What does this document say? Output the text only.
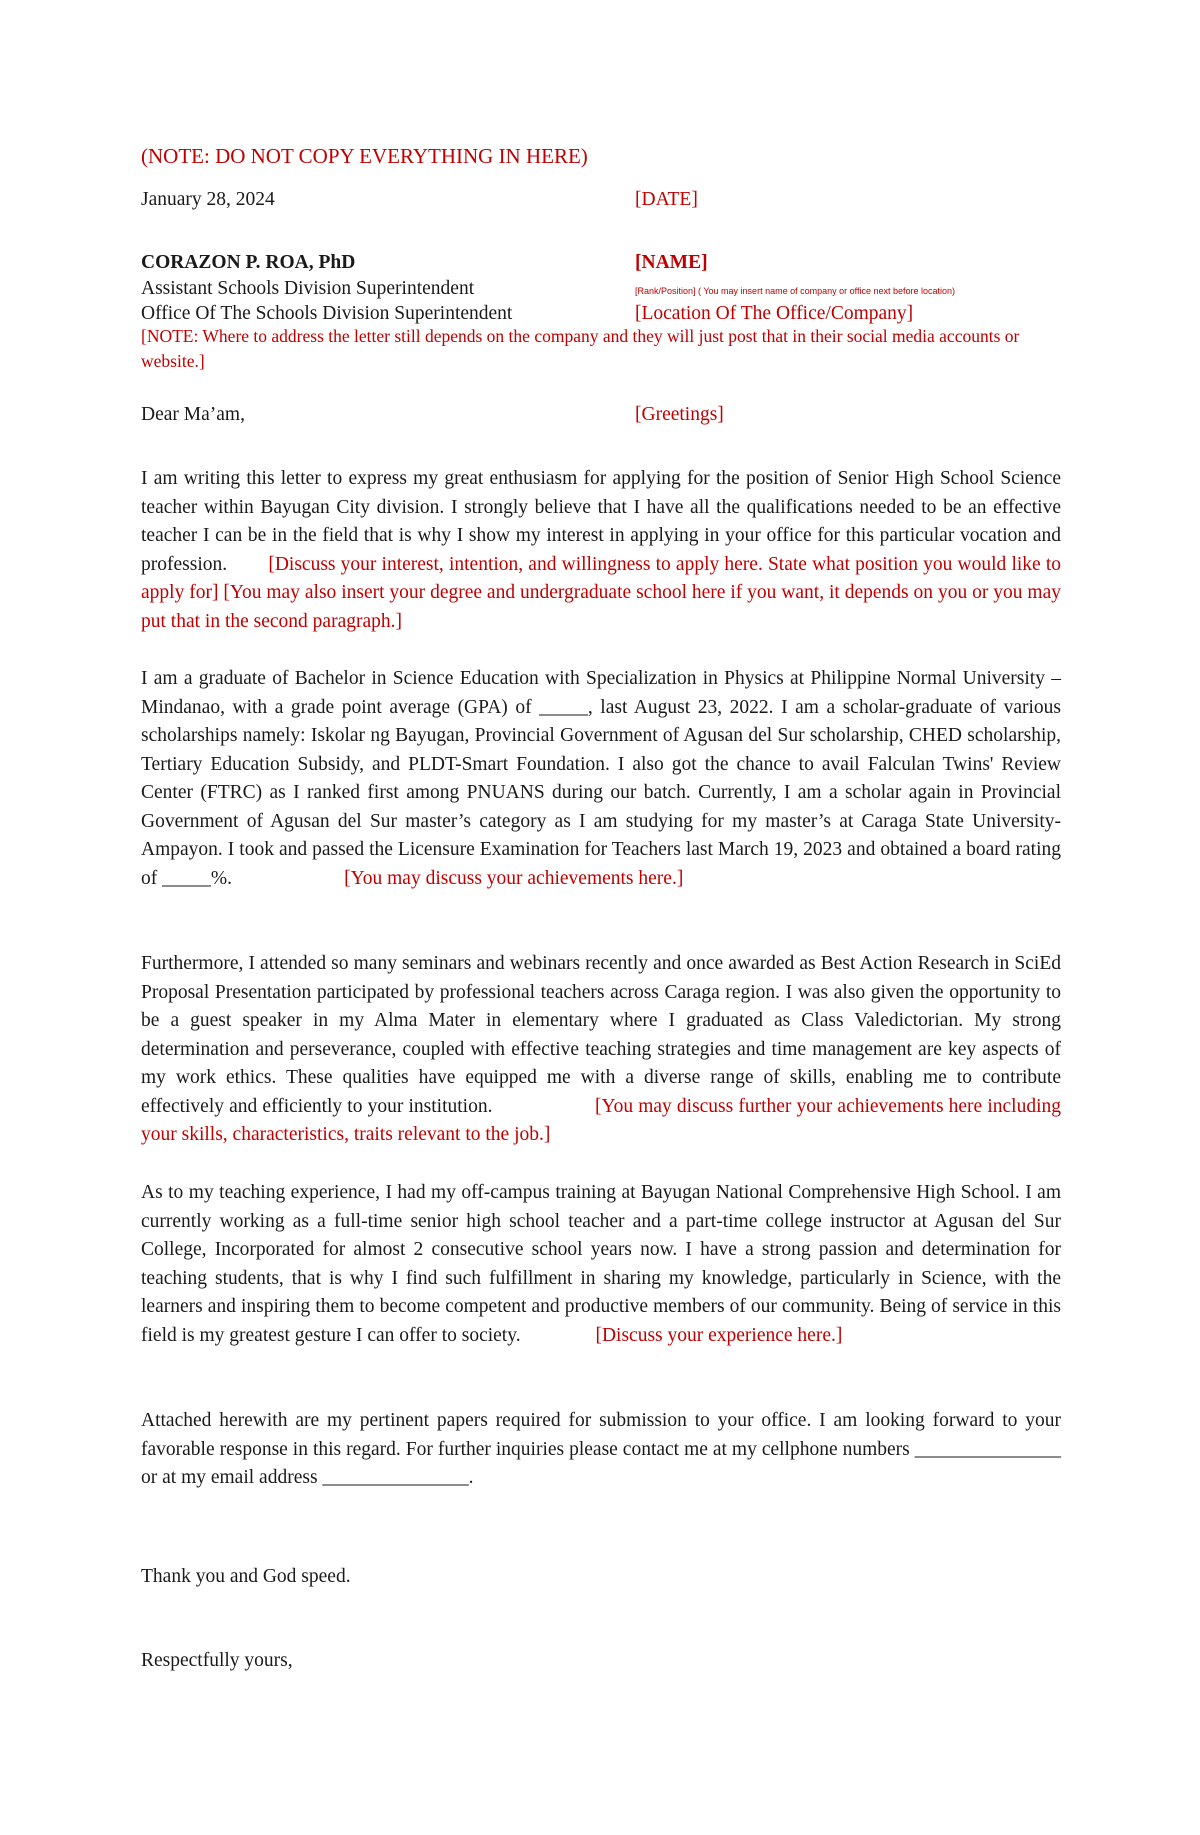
(NOTE: DO NOT COPY EVERYTHING IN HERE)
January 28, 2024	[DATE]
CORAZON P. ROA, PhD	[NAME]
Assistant Schools Division Superintendent	[Rank/Position] ( You may insert name of company or office next before location)
Office Of The Schools Division Superintendent	[Location Of The Office/Company]
[NOTE: Where to address the letter still depends on the company and they will just post that in their social media accounts or website.]
Dear Ma’am,	[Greetings]
I am writing this letter to express my great enthusiasm for applying for the position of Senior High School Science teacher within Bayugan City division. I strongly believe that I have all the qualifications needed to be an effective teacher I can be in the field that is why I show my interest in applying in your office for this particular vocation and profession. [Discuss your interest, intention, and willingness to apply here. State what position you would like to apply for] [You may also insert your degree and undergraduate school here if you want, it depends on you or you may put that in the second paragraph.]
I am a graduate of Bachelor in Science Education with Specialization in Physics at Philippine Normal University – Mindanao, with a grade point average (GPA) of _____, last August 23, 2022. I am a scholar-graduate of various scholarships namely: Iskolar ng Bayugan, Provincial Government of Agusan del Sur scholarship, CHED scholarship, Tertiary Education Subsidy, and PLDT-Smart Foundation. I also got the chance to avail Falculan Twins' Review Center (FTRC) as I ranked first among PNUANS during our batch. Currently, I am a scholar again in Provincial Government of Agusan del Sur master’s category as I am studying for my master’s at Caraga State University-Ampayon. I took and passed the Licensure Examination for Teachers last March 19, 2023 and obtained a board rating of _____%.	[You may discuss your achievements here.]
Furthermore, I attended so many seminars and webinars recently and once awarded as Best Action Research in SciEd Proposal Presentation participated by professional teachers across Caraga region. I was also given the opportunity to be a guest speaker in my Alma Mater in elementary where I graduated as Class Valedictorian. My strong determination and perseverance, coupled with effective teaching strategies and time management are key aspects of my work ethics. These qualities have equipped me with a diverse range of skills, enabling me to contribute effectively and efficiently to your institution.	[You may discuss further your achievements here including your skills, characteristics, traits relevant to the job.]
As to my teaching experience, I had my off-campus training at Bayugan National Comprehensive High School. I am currently working as a full-time senior high school teacher and a part-time college instructor at Agusan del Sur College, Incorporated for almost 2 consecutive school years now. I have a strong passion and determination for teaching students, that is why I find such fulfillment in sharing my knowledge, particularly in Science, with the learners and inspiring them to become competent and productive members of our community. Being of service in this field is my greatest gesture I can offer to society.	[Discuss your experience here.]
Attached herewith are my pertinent papers required for submission to your office. I am looking forward to your favorable response in this regard. For further inquiries please contact me at my cellphone numbers _______________ or at my email address _______________.
Thank you and God speed.
Respectfully yours,
